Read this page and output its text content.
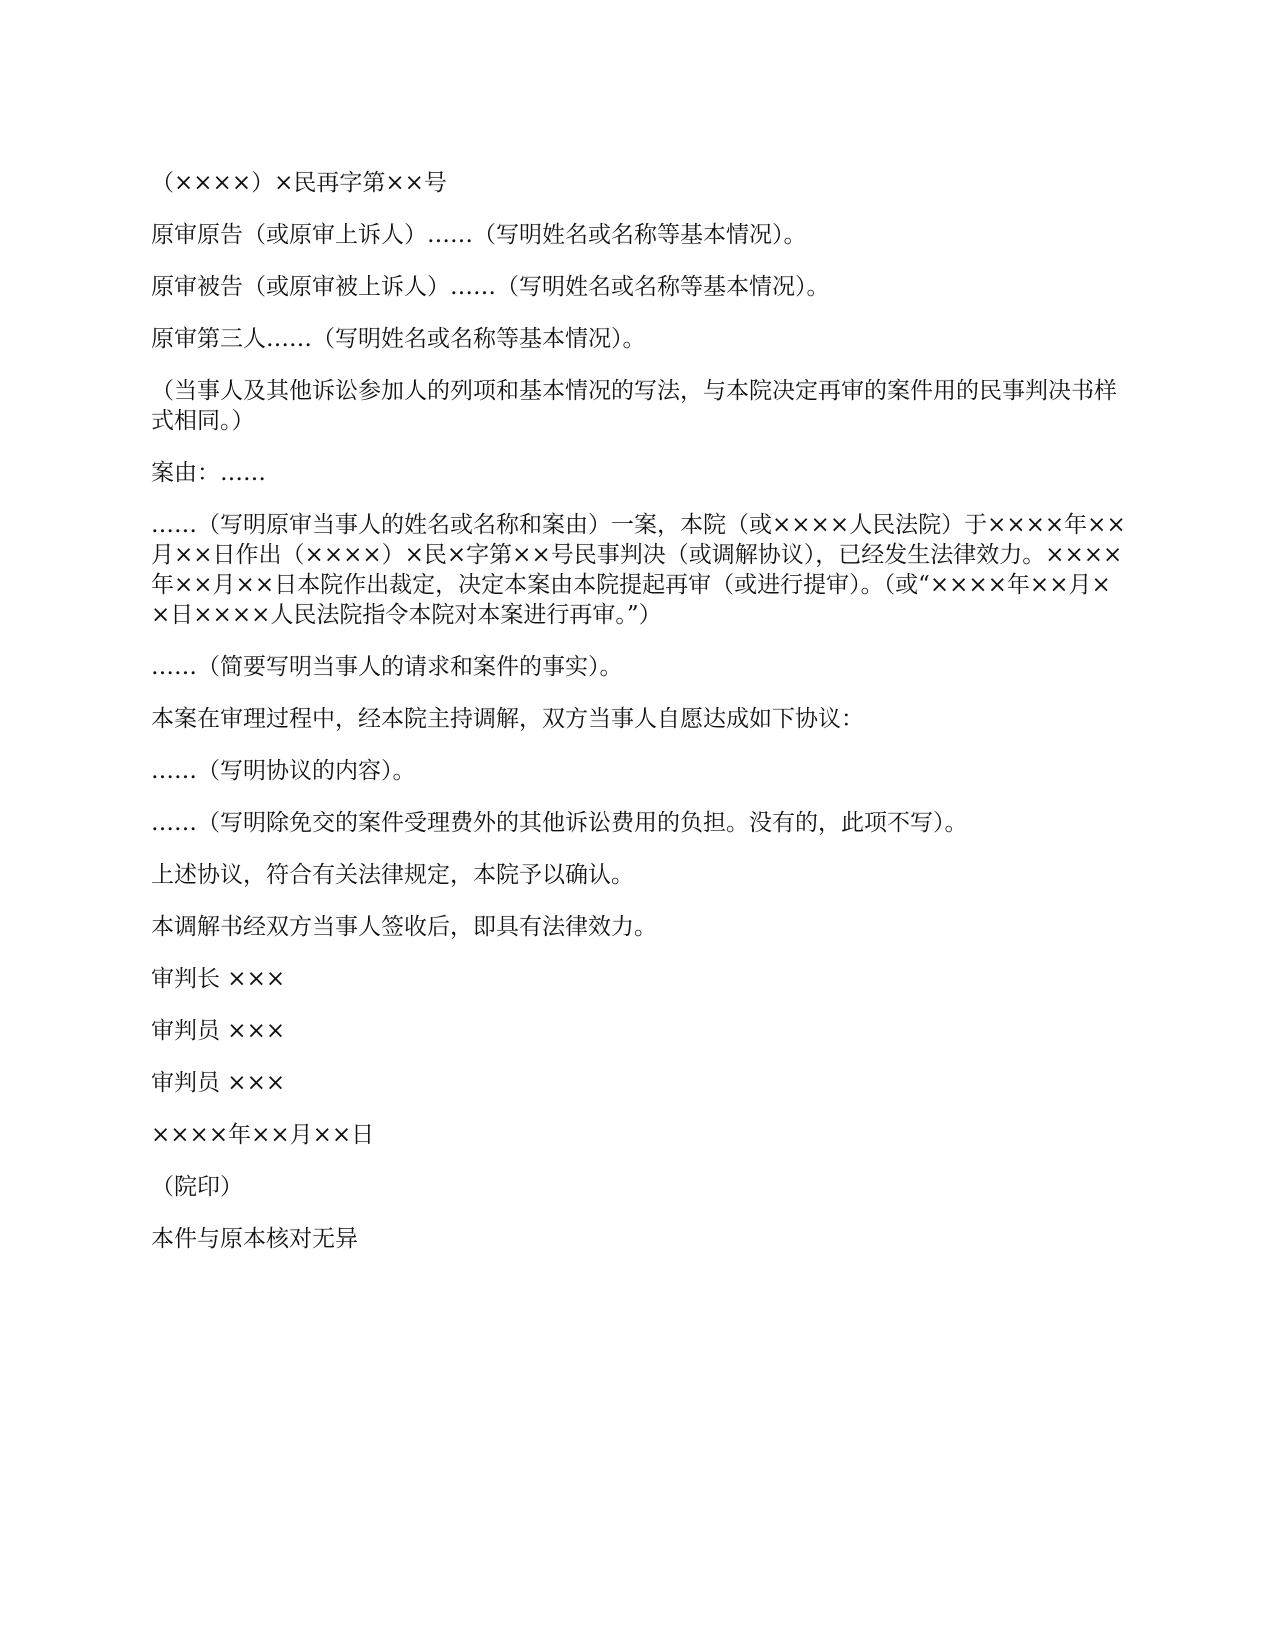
（××××）×民再字第××号

原审原告（或原审上诉人）……（写明姓名或名称等基本情况）。

原审被告（或原审被上诉人）……（写明姓名或名称等基本情况）。

原审第三人……（写明姓名或名称等基本情况）。

（当事人及其他诉讼参加人的列项和基本情况的写法，与本院决定再审的案件用的民事判决书样式相同。）

案由：……

……（写明原审当事人的姓名或名称和案由）一案，本院（或××××人民法院）于××××年××月××日作出（××××）×民×字第××号民事判决（或调解协议），已经发生法律效力。××××年××月××日本院作出裁定，决定本案由本院提起再审（或进行提审）。（或“××××年××月××日××××人民法院指令本院对本案进行再审。”）

……（简要写明当事人的请求和案件的事实）。

本案在审理过程中，经本院主持调解，双方当事人自愿达成如下协议：

……（写明协议的内容）。

……（写明除免交的案件受理费外的其他诉讼费用的负担。没有的，此项不写）。

上述协议，符合有关法律规定，本院予以确认。

本调解书经双方当事人签收后，即具有法律效力。

审判长 ×××

审判员 ×××

审判员 ×××

××××年××月××日

（院印）

本件与原本核对无异
